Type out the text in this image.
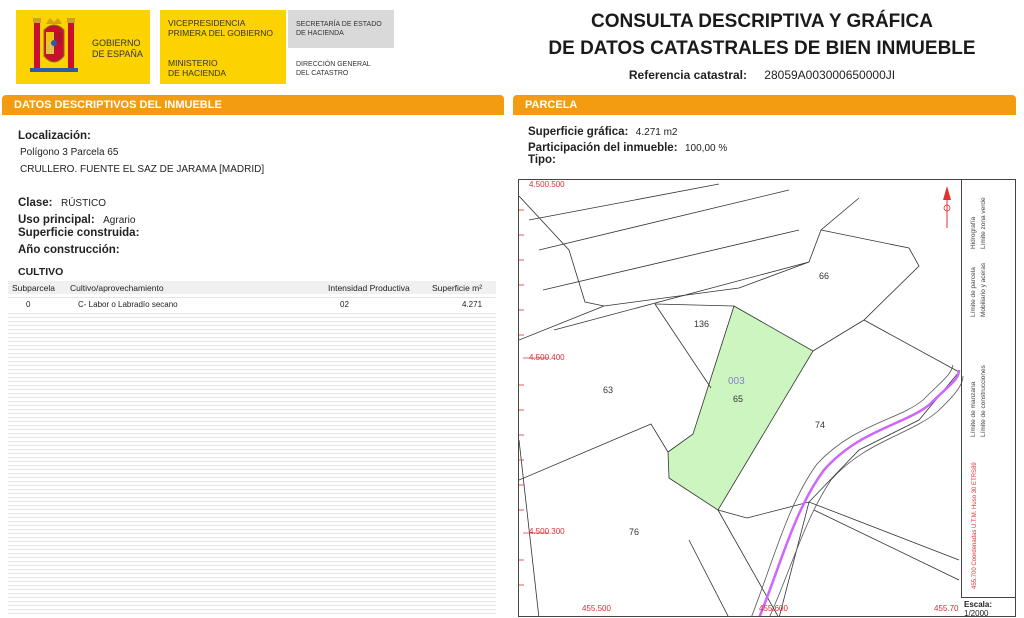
GOBIERNO
DE ESPAÑA
VICEPRESIDENCIA
PRIMERA DEL GOBIERNO
MINISTERIO
DE HACIENDA
SECRETARÍA DE ESTADO
DE HACIENDA
DIRECCIÓN GENERAL
DEL CATASTRO
CONSULTA DESCRIPTIVA Y GRÁFICA
DE DATOS CATASTRALES DE BIEN INMUEBLE
Referencia catastral: 28059A003000650000JI
DATOS DESCRIPTIVOS DEL INMUEBLE
Localización:
Polígono 3 Parcela 65
CRULLERO. FUENTE EL SAZ DE JARAMA [MADRID]
Clase: RÚSTICO
Uso principal: Agrario
Superficie construida:
Año construcción:
CULTIVO
Subparcela Cultivo/aprovechamiento	Intensidad Productiva	Superficie m²
0	C- Labor o Labradío secano	02	4.271
PARCELA
Superficie gráfica: 4.271 m2
Participación del inmueble: 100,00 %
Tipo:
4.500.500
4.500.400
4.500.300
455.500	455.600	455.70
66
136
63
65
74
76
003
Límite de parcela Mobiliario y aceras
Hidrografía Límite zona verde
Límite de manzana Límite de construcciones
455.700 Coordenadas U.T.M. Huso 30 ETRS89
Escala:
1/2000
